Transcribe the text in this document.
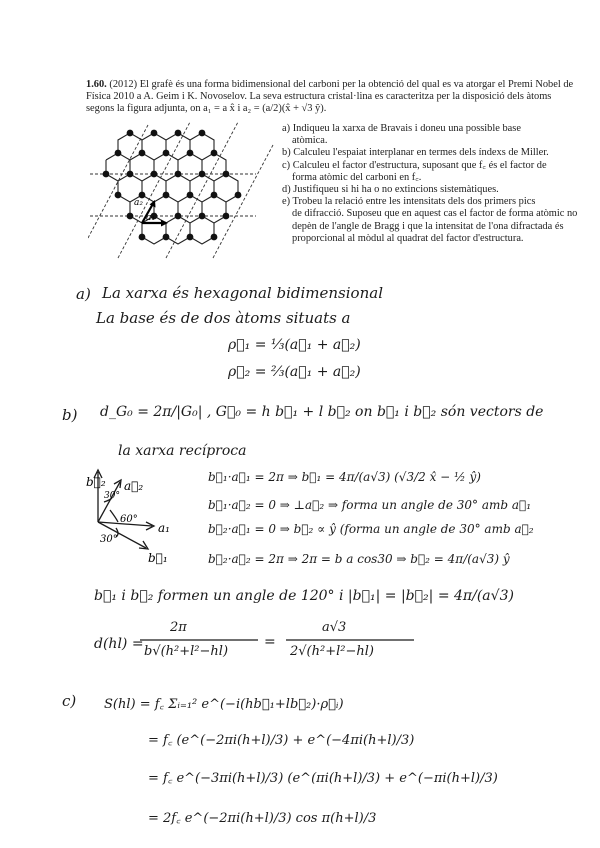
1.60. (2012) El grafè és una forma bidimensional del carboni per la obtenció del qual es va atorgar el Premi Nobel de
Física 2010 a A. Geim i K. Novoselov. La seva estructura cristal·lina es caracteritza per la disposició dels àtoms
segons la figura adjunta, on a₁ = a x̂ i a₂ = (a/2)(x̂ + √3 ŷ).
a) Indiqueu la xarxa de Bravais i doneu una possible base
atòmica.
b) Calculeu l'espaiat interplanar en termes dels índexs de Miller.
c) Calculeu el factor d'estructura, suposant que f꜀ és el factor de
forma atòmic del carboni en f꜀.
d) Justifiqueu si hi ha o no extincions sistemàtiques.
e) Trobeu la relació entre les intensitats dels dos primers pics
de difracció. Suposeu que en aquest cas el factor de forma atòmic no depèn de l'angle de Bragg i que la intensitat de l'ona difractada és proporcional al mòdul al quadrat del factor d'estructura.
a₁
a₂
a) La xarxa és hexagonal bidimensional
La base és de dos àtoms situats a
ρ⃗₁ = ⅓(a⃗₁ + a⃗₂)
ρ⃗₂ = ⅔(a⃗₁ + a⃗₂)
b) d_G₀ = 2π/|G₀| , G⃗₀ = h b⃗₁ + l b⃗₂ on b⃗₁ i b⃗₂ són vectors de
la xarxa recíproca
b⃗₂ a⃗₂
30°
60°
30°
a₁
b⃗₁
b⃗₁·a⃗₁ = 2π ⇒ b⃗₁ = 4π/(a√3) (√3/2 x̂ − ½ ŷ)
b⃗₁·a⃗₂ = 0 ⇒ ⊥a⃗₂ ⇒ forma un angle de 30° amb a⃗₁
b⃗₂·a⃗₁ = 0 ⇒ b⃗₂ ∝ ŷ (forma un angle de 30° amb a⃗₂
b⃗₂·a⃗₂ = 2π ⇒ 2π = b a cos30 ⇒ b⃗₂ = 4π/(a√3) ŷ
b⃗₁ i b⃗₂ formen un angle de 120° i |b⃗₁| = |b⃗₂| = 4π/(a√3)
d(hl) =
2π
b√(h²+l²−hl)
=
a√3
2√(h²+l²−hl)
c) S(hl) = f꜀ Σᵢ₌₁² e^(−i(hb⃗₁+lb⃗₂)·ρ⃗ᵢ)
= f꜀ (e^(−2πi(h+l)/3) + e^(−4πi(h+l)/3)
= f꜀ e^(−3πi(h+l)/3) (e^(πi(h+l)/3) + e^(−πi(h+l)/3)
= 2f꜀ e^(−2πi(h+l)/3) cos π(h+l)/3
